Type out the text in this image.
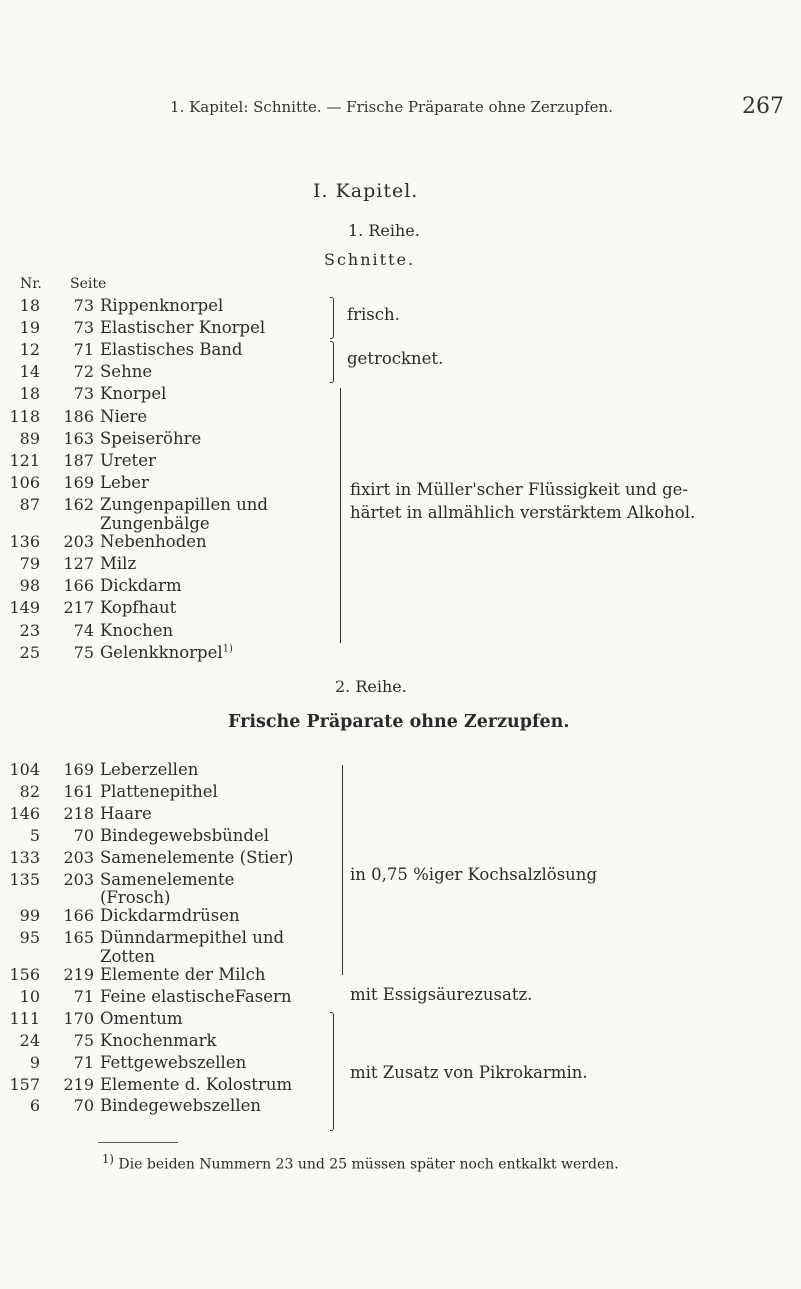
1. Kapitel: Schnitte. — Frische Präparate ohne Zerzupfen.	267
I. Kapitel.
1. Reihe.
Schnitte.
Nr. Seite
18	73 Rippenknorpel
19	73 Elastischer Knorpel
12	71 Elastisches Band
14	72 Sehne
18	73 Knorpel
118 186 Niere
89 163 Speiseröhre
121 187 Ureter
106 169 Leber
87 162 Zungenpapillen und
Zungenbälge
136 203 Nebenhoden
79 127 Milz
98 166 Dickdarm
149 217 Kopfhaut
23	74 Knochen
25	75 Gelenkknorpel$^{1)}$
frisch.
getrocknet.
fixirt in Müller'scher Flüssigkeit und ge-
härtet in allmählich verstärktem Alkohol.
2. Reihe.
Frische Präparate ohne Zerzupfen.
104 169 Leberzellen
82 161 Plattenepithel
146 218 Haare
5	70 Bindegewebsbündel
133 203 Samenelemente (Stier)
135 203 Samenelemente
(Frosch)
99 166 Dickdarmdrüsen
95 165 Dünndarmepithel und
Zotten
156 219 Elemente der Milch
10	71 Feine elastischeFasern
111 170 Omentum
24	75 Knochenmark
9	71 Fettgewebszellen
157 219 Elemente d. Kolostrum
6	70 Bindegewebszellen
in 0,75 %iger Kochsalzlösung
mit Essigsäurezusatz.
mit Zusatz von Pikrokarmin.
$^{1)}$ Die beiden Nummern 23 und 25 müssen später noch entkalkt werden.
